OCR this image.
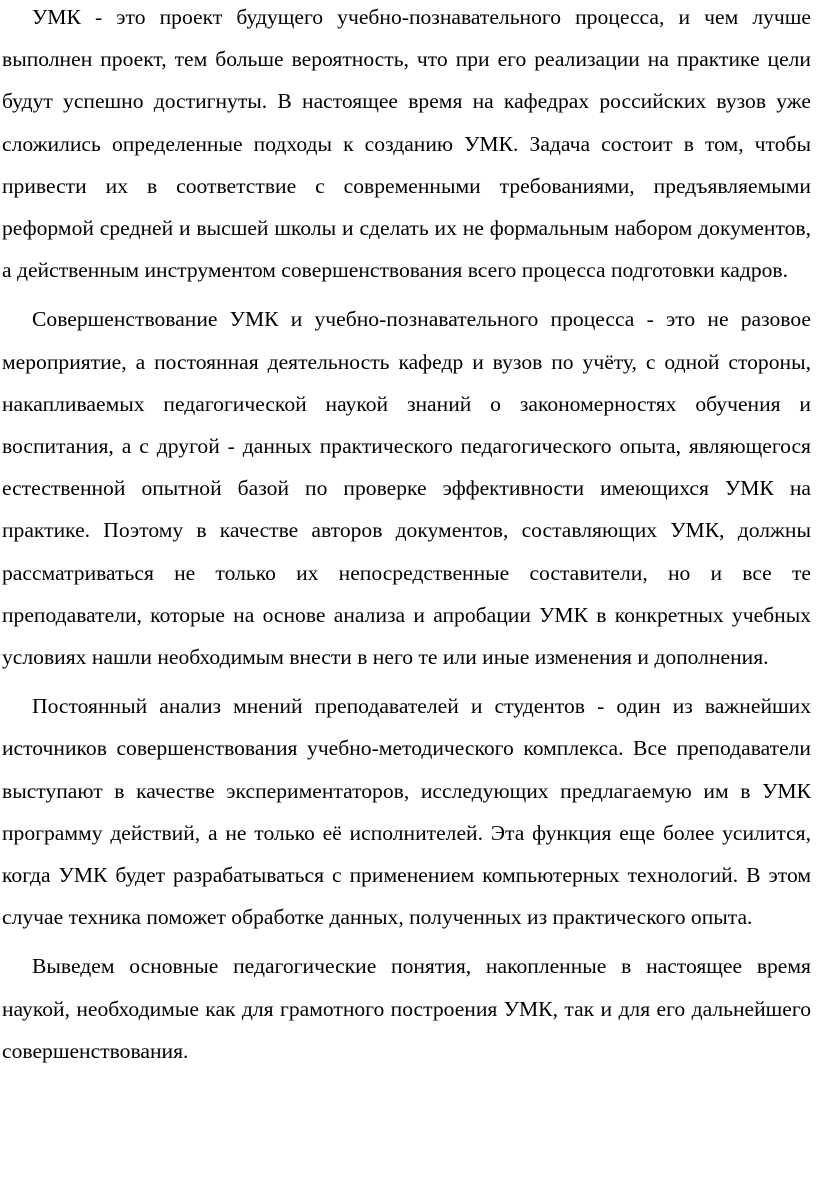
УМК - это проект будущего учебно-познавательного процесса, и чем лучше выполнен проект, тем больше вероятность, что при его реализации на практике цели будут успешно достигнуты. В настоящее время на кафедрах российских вузов уже сложились определенные подходы к созданию УМК. Задача состоит в том, чтобы привести их в соответствие с современными требованиями, предъявляемыми реформой средней и высшей школы и сделать их не формальным набором документов, а действенным инструментом совершенствования всего процесса подготовки кадров.

Совершенствование УМК и учебно-познавательного процесса - это не разовое мероприятие, а постоянная деятельность кафедр и вузов по учёту, с одной стороны, накапливаемых педагогической наукой знаний о закономерностях обучения и воспитания, а с другой - данных практического педагогического опыта, являющегося естественной опытной базой по проверке эффективности имеющихся УМК на практике. Поэтому в качестве авторов документов, составляющих УМК, должны рассматриваться не только их непосредственные составители, но и все те преподаватели, которые на основе анализа и апробации УМК в конкретных учебных условиях нашли необходимым внести в него те или иные изменения и дополнения.

Постоянный анализ мнений преподавателей и студентов - один из важнейших источников совершенствования учебно-методического комплекса. Все преподаватели выступают в качестве экспериментаторов, исследующих предлагаемую им в УМК программу действий, а не только её исполнителей. Эта функция еще более усилится, когда УМК будет разрабатываться с применением компьютерных технологий. В этом случае техника поможет обработке данных, полученных из практического опыта.

Выведем основные педагогические понятия, накопленные в настоящее время наукой, необходимые как для грамотного построения УМК, так и для его дальнейшего совершенствования.
